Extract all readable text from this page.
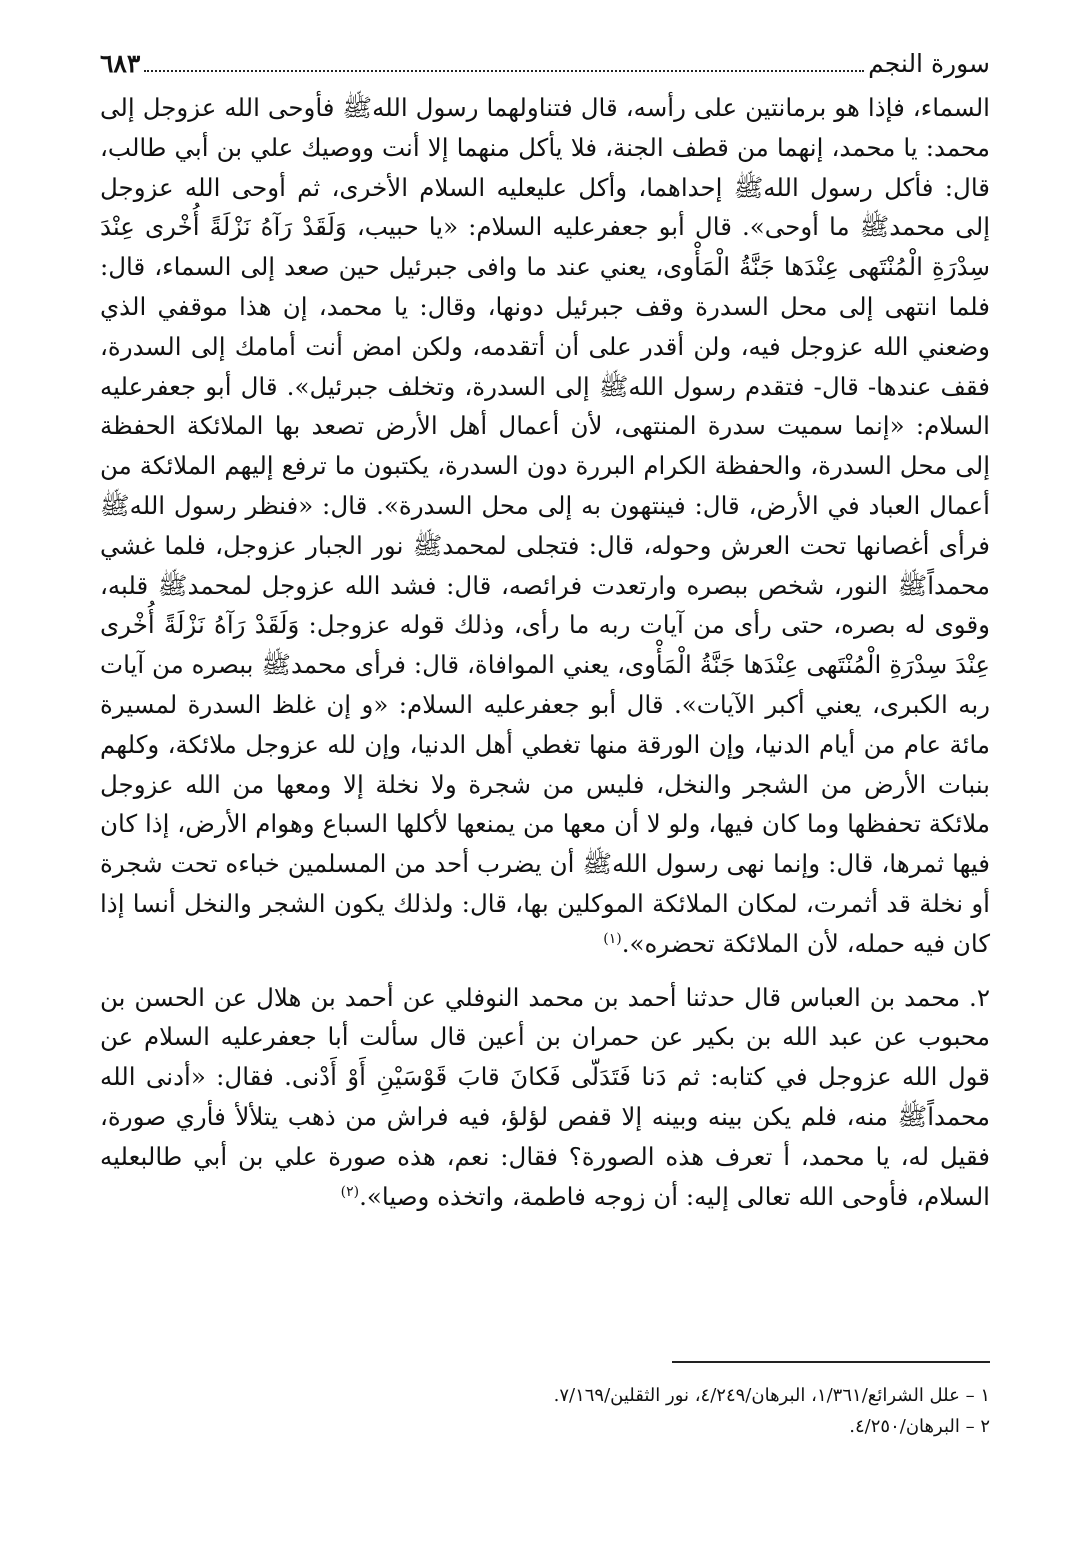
سورة النجم
٦٨٣

السماء، فإذا هو برمانتين على رأسه، قال فتناولهما رسول اللهﷺ فأوحى الله عزوجل إلى محمد: يا محمد، إنهما من قطف الجنة، فلا يأكل منهما إلا أنت ووصيك علي بن أبي طالب، قال: فأكل رسول اللهﷺ إحداهما، وأكل عليعليه السلام الأخرى، ثم أوحى الله عزوجل إلى محمدﷺ ما أوحى». قال أبو جعفرعليه السلام: «يا حبيب، وَلَقَدْ رَآهُ نَزْلَةً أُخْرى عِنْدَ سِدْرَةِ الْمُنْتَهى عِنْدَها جَنَّةُ الْمَأْوى، يعني عند ما وافى جبرئيل حين صعد إلى السماء، قال: فلما انتهى إلى محل السدرة وقف جبرئيل دونها، وقال: يا محمد، إن هذا موقفي الذي وضعني الله عزوجل فيه، ولن أقدر على أن أتقدمه، ولكن امض أنت أمامك إلى السدرة، فقف عندها- قال- فتقدم رسول اللهﷺ إلى السدرة، وتخلف جبرئيل». قال أبو جعفرعليه السلام: «إنما سميت سدرة المنتهى، لأن أعمال أهل الأرض تصعد بها الملائكة الحفظة إلى محل السدرة، والحفظة الكرام البررة دون السدرة، يكتبون ما ترفع إليهم الملائكة من أعمال العباد في الأرض، قال: فينتهون به إلى محل السدرة». قال: «فنظر رسول اللهﷺ فرأى أغصانها تحت العرش وحوله، قال: فتجلى لمحمدﷺ نور الجبار عزوجل، فلما غشي محمداًﷺ النور، شخص ببصره وارتعدت فرائصه، قال: فشد الله عزوجل لمحمدﷺ قلبه، وقوى له بصره، حتى رأى من آيات ربه ما رأى، وذلك قوله عزوجل: وَلَقَدْ رَآهُ نَزْلَةً أُخْرى عِنْدَ سِدْرَةِ الْمُنْتَهى عِنْدَها جَنَّةُ الْمَأْوى، يعني الموافاة، قال: فرأى محمدﷺ ببصره من آيات ربه الكبرى، يعني أكبر الآيات». قال أبو جعفرعليه السلام: «و إن غلظ السدرة لمسيرة مائة عام من أيام الدنيا، وإن الورقة منها تغطي أهل الدنيا، وإن لله عزوجل ملائكة، وكلهم بنبات الأرض من الشجر والنخل، فليس من شجرة ولا نخلة إلا ومعها من الله عزوجل ملائكة تحفظها وما كان فيها، ولو لا أن معها من يمنعها لأكلها السباع وهوام الأرض، إذا كان فيها ثمرها، قال: وإنما نهى رسول اللهﷺ أن يضرب أحد من المسلمين خباءه تحت شجرة أو نخلة قد أثمرت، لمكان الملائكة الموكلين بها، قال: ولذلك يكون الشجر والنخل أنسا إذا كان فيه حمله، لأن الملائكة تحضره».$^{(١)}$

٢. محمد بن العباس قال حدثنا أحمد بن محمد النوفلي عن أحمد بن هلال عن الحسن بن محبوب عن عبد الله بن بكير عن حمران بن أعين قال سألت أبا جعفرعليه السلام عن قول الله عزوجل في كتابه: ثم دَنا فَتَدَلّى فَكانَ قابَ قَوْسَيْنِ أَوْ أَدْنى. فقال: «أدنى الله محمداًﷺ منه، فلم يكن بينه وبينه إلا قفص لؤلؤ، فيه فراش من ذهب يتلألأ فأري صورة، فقيل له، يا محمد، أ تعرف هذه الصورة؟ فقال: نعم، هذه صورة علي بن أبي طالبعليه السلام، فأوحى الله تعالى إليه: أن زوجه فاطمة، واتخذه وصيا».$^{(٢)}$

١ – علل الشرائع/١/٣٦١، البرهان/٤/٢٤٩، نور الثقلين/٧/١٦٩.

٢ – البرهان/٤/٢٥٠.
